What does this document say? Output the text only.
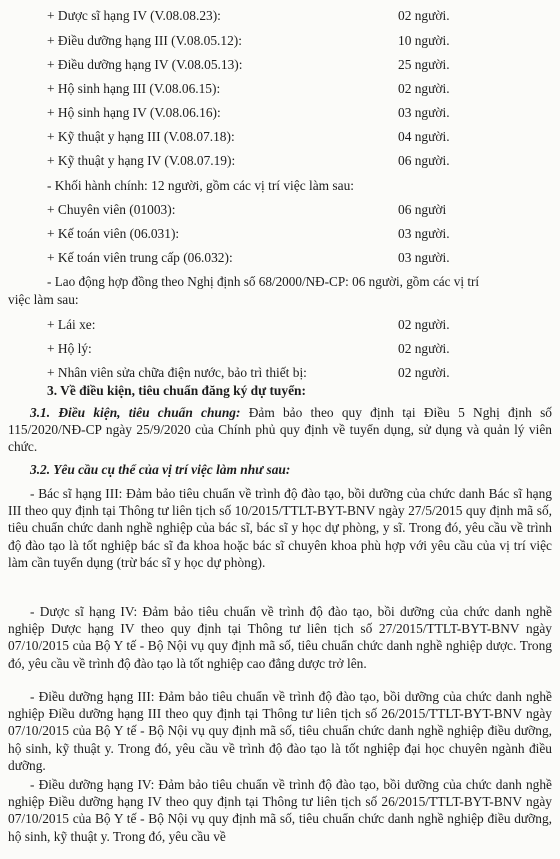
+ Dược sĩ hạng IV (V.08.08.23):	02 người.
+ Điều dưỡng hạng III (V.08.05.12):	10 người.
+ Điều dưỡng hạng IV (V.08.05.13):	25 người.
+ Hộ sinh hạng III (V.08.06.15):	02 người.
+ Hộ sinh hạng IV (V.08.06.16):	03 người.
+ Kỹ thuật y hạng III (V.08.07.18):	04 người.
+ Kỹ thuật y hạng IV (V.08.07.19):	06 người.
- Khối hành chính: 12 người, gồm các vị trí việc làm sau:
+ Chuyên viên (01003):	06 người
+ Kế toán viên (06.031):	03 người.
+ Kế toán viên trung cấp (06.032):	03 người.
- Lao động hợp đồng theo Nghị định số 68/2000/NĐ-CP: 06 người, gồm các vị trí
việc làm sau:
+ Lái xe:	02 người.
+ Hộ lý:	02 người.
+ Nhân viên sửa chữa điện nước, bảo trì thiết bị:	02 người.
3. Về điều kiện, tiêu chuẩn đăng ký dự tuyển:
3.1. Điều kiện, tiêu chuẩn chung: Đảm bảo theo quy định tại Điều 5 Nghị định số 115/2020/NĐ-CP ngày 25/9/2020 của Chính phủ quy định về tuyển dụng, sử dụng và quản lý viên chức.
3.2. Yêu cầu cụ thể của vị trí việc làm như sau:
- Bác sĩ hạng III: Đảm bảo tiêu chuẩn về trình độ đào tạo, bồi dưỡng của chức danh Bác sĩ hạng III theo quy định tại Thông tư liên tịch số 10/2015/TTLT-BYT-BNV ngày 27/5/2015 quy định mã số, tiêu chuẩn chức danh nghề nghiệp của bác sĩ, bác sĩ y học dự phòng, y sĩ. Trong đó, yêu cầu về trình độ đào tạo là tốt nghiệp bác sĩ đa khoa hoặc bác sĩ chuyên khoa phù hợp với yêu cầu của vị trí việc làm cần tuyển dụng (trừ bác sĩ y học dự phòng).
- Dược sĩ hạng IV: Đảm bảo tiêu chuẩn về trình độ đào tạo, bồi dưỡng của chức danh nghề nghiệp Dược hạng IV theo quy định tại Thông tư liên tịch số 27/2015/TTLT-BYT-BNV ngày 07/10/2015 của Bộ Y tế - Bộ Nội vụ quy định mã số, tiêu chuẩn chức danh nghề nghiệp dược. Trong đó, yêu cầu về trình độ đào tạo là tốt nghiệp cao đẳng dược trở lên.
- Điều dưỡng hạng III: Đảm bảo tiêu chuẩn về trình độ đào tạo, bồi dưỡng của chức danh nghề nghiệp Điều dưỡng hạng III theo quy định tại Thông tư liên tịch số 26/2015/TTLT-BYT-BNV ngày 07/10/2015 của Bộ Y tế - Bộ Nội vụ quy định mã số, tiêu chuẩn chức danh nghề nghiệp điều dưỡng, hộ sinh, kỹ thuật y. Trong đó, yêu cầu về trình độ đào tạo là tốt nghiệp đại học chuyên ngành điều dưỡng.
- Điều dưỡng hạng IV: Đảm bảo tiêu chuẩn về trình độ đào tạo, bồi dưỡng của chức danh nghề nghiệp Điều dưỡng hạng IV theo quy định tại Thông tư liên tịch số 26/2015/TTLT-BYT-BNV ngày 07/10/2015 của Bộ Y tế - Bộ Nội vụ quy định mã số, tiêu chuẩn chức danh nghề nghiệp điều dưỡng, hộ sinh, kỹ thuật y. Trong đó, yêu cầu về
